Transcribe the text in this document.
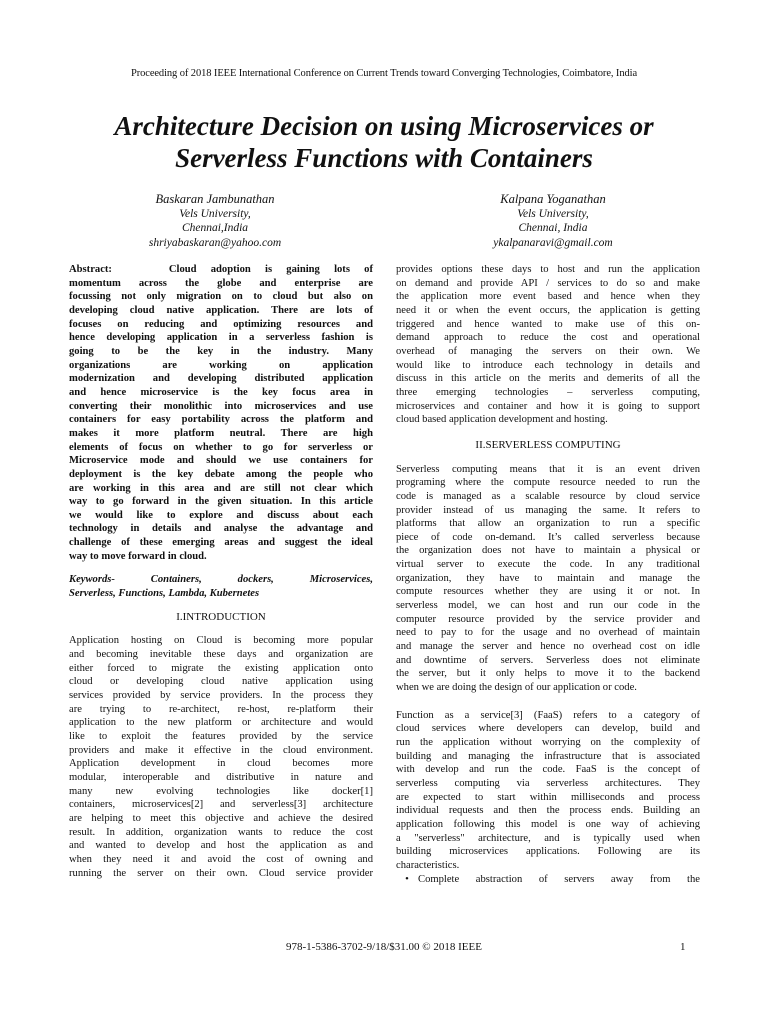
Proceeding of 2018 IEEE International Conference on Current Trends toward Converging Technologies, Coimbatore, India
Architecture Decision on using Microservices or
Serverless Functions with Containers
Baskaran Jambunathan
Vels University,
Chennai,India
shriyabaskaran@yahoo.com
Kalpana Yoganathan
Vels University,
Chennai, India
ykalpanaravi@gmail.com
Abstract:	Cloud adoption is gaining lots of
momentum across the globe and enterprise are
focussing not only migration on to cloud but also on
developing cloud native application. There are lots of
focuses on reducing and optimizing resources and
hence developing application in a serverless fashion is
going to be the key in the industry. Many
organizations are working on application
modernization and developing distributed application
and hence microservice is the key focus area in
converting their monolithic into microservices and use
containers for easy portability across the platform and
makes it more platform neutral. There are high
elements of focus on whether to go for serverless or
Microservice mode and should we use containers for
deployment is the key debate among the people who
are working in this area and are still not clear which
way to go forward in the given situation. In this article
we would like to explore and discuss about each
technology in details and analyse the advantage and
challenge of these emerging areas and suggest the ideal
way to move forward in cloud.
Keywords- Containers, dockers, Microservices,
Serverless, Functions, Lambda, Kubernetes
I.INTRODUCTION
Application hosting on Cloud is becoming more popular
and becoming inevitable these days and organization are
either forced to migrate the existing application onto
cloud or developing cloud native application using
services provided by service providers. In the process they
are trying to re-architect, re-host, re-platform their
application to the new platform or architecture and would
like to exploit the features provided by the service
providers and make it effective in the cloud environment.
Application development in cloud becomes more
modular, interoperable and distributive in nature and
many new evolving technologies like docker[1]
containers, microservices[2] and serverless[3] architecture
are helping to meet this objective and achieve the desired
result. In addition, organization wants to reduce the cost
and wanted to develop and host the application as and
when they need it and avoid the cost of owning and
running the server on their own. Cloud service provider
provides options these days to host and run the application
on demand and provide API / services to do so and make
the application more event based and hence when they
need it or when the event occurs, the application is getting
triggered and hence wanted to make use of this on-
demand approach to reduce the cost and operational
overhead of managing the servers on their own. We
would like to introduce each technology in details and
discuss in this article on the merits and demerits of all the
three emerging technologies – serverless computing,
microservices and container and how it is going to support
cloud based application development and hosting.
II.SERVERLESS COMPUTING
Serverless computing means that it is an event driven
programing where the compute resource needed to run the
code is managed as a scalable resource by cloud service
provider instead of us managing the same. It refers to
platforms that allow an organization to run a specific
piece of code on-demand. It’s called serverless because
the organization does not have to maintain a physical or
virtual server to execute the code. In any traditional
organization, they have to maintain and manage the
compute resources whether they are using it or not. In
serverless model, we can host and run our code in the
computer resource provided by the service provider and
need to pay to for the usage and no overhead of maintain
and manage the server and hence no overhead cost on idle
and downtime of servers. Serverless does not eliminate
the server, but it only helps to move it to the backend
when we are doing the design of our application or code.
Function as a service[3] (FaaS) refers to a category of
cloud services where developers can develop, build and
run the application without worrying on the complexity of
building and managing the infrastructure that is associated
with develop and run the code. FaaS is the concept of
serverless computing via serverless architectures. They
are expected to start within milliseconds and process
individual requests and then the process ends. Building an
application following this model is one way of achieving
a "serverless" architecture, and is typically used when
building microservices applications. Following are its
characteristics.
• Complete abstraction of servers away from the
978-1-5386-3702-9/18/$31.00 © 2018 IEEE	1
